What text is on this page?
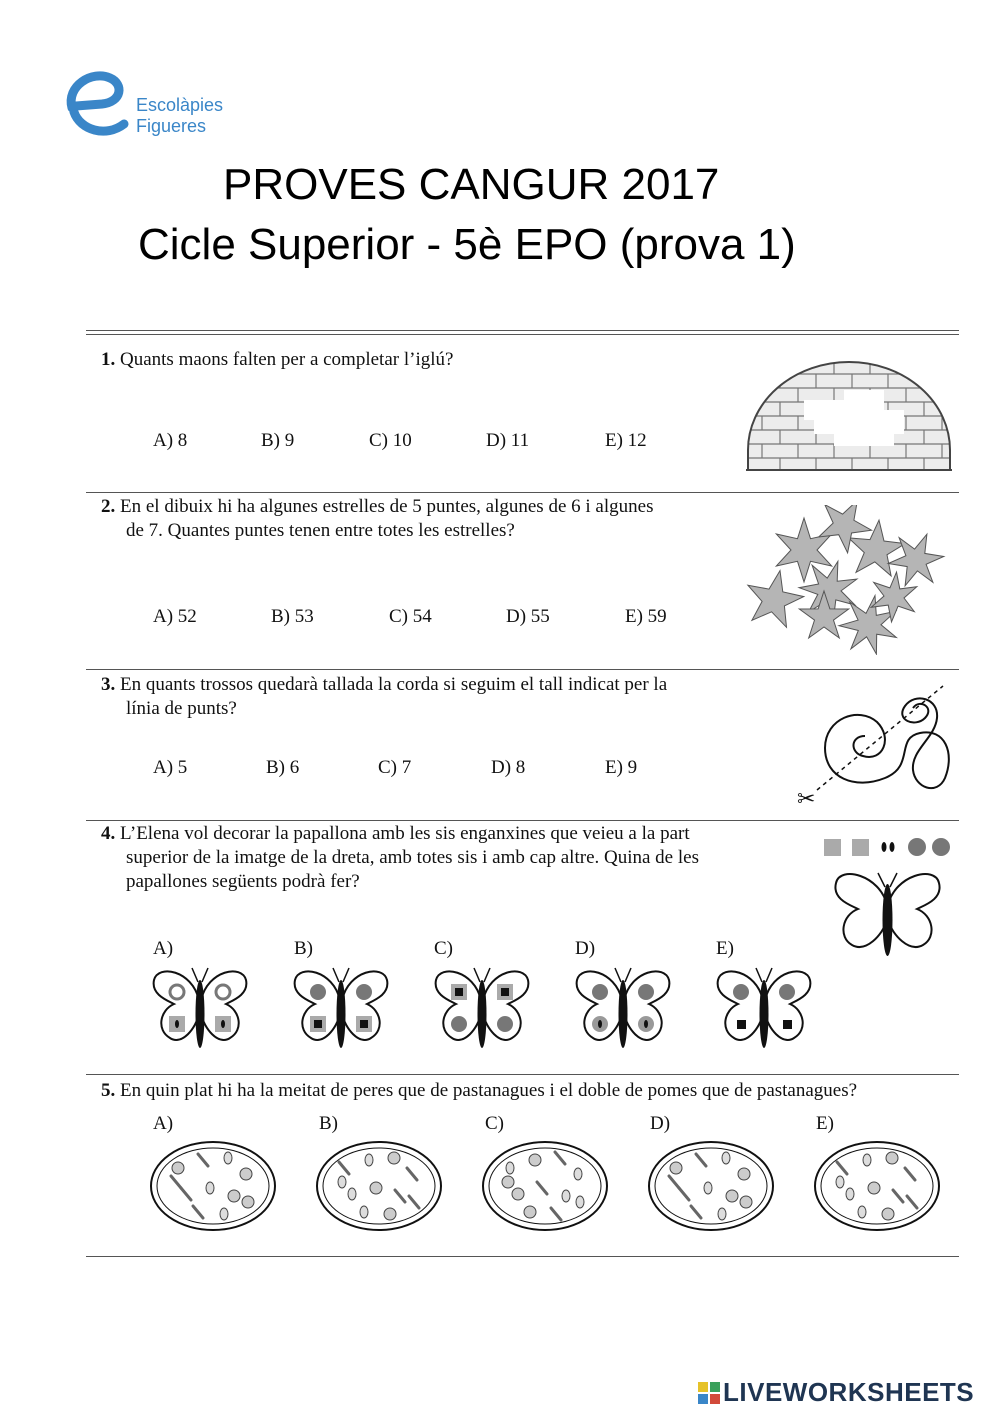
Escolàpies
Figueres
PROVES CANGUR 2017
Cicle Superior - 5è EPO (prova 1)
1. Quants maons falten per a completar l’iglú?
A) 8	B) 9	C) 10	D) 11	E) 12
2. En el dibuix hi ha algunes estrelles de 5 puntes, algunes de 6 i algunes
de 7. Quantes puntes tenen entre totes les estrelles?
A) 52	B) 53	C) 54	D) 55	E) 59
3. En quants trossos quedarà tallada la corda si seguim el tall indicat per la
línia de punts?
A) 5	B) 6	C) 7	D) 8	E) 9
✂
4. L’Elena vol decorar la papallona amb les sis enganxines que veieu a la part
superior de la imatge de la dreta, amb totes sis i amb cap altre. Quina de les
papallones següents podrà fer?
A)	B)	C)	D)	E)
5. En quin plat hi ha la meitat de peres que de pastanagues i el doble de pomes que de pastanagues?
A)	B)	C)	D)	E)
LIVEWORKSHEETS
